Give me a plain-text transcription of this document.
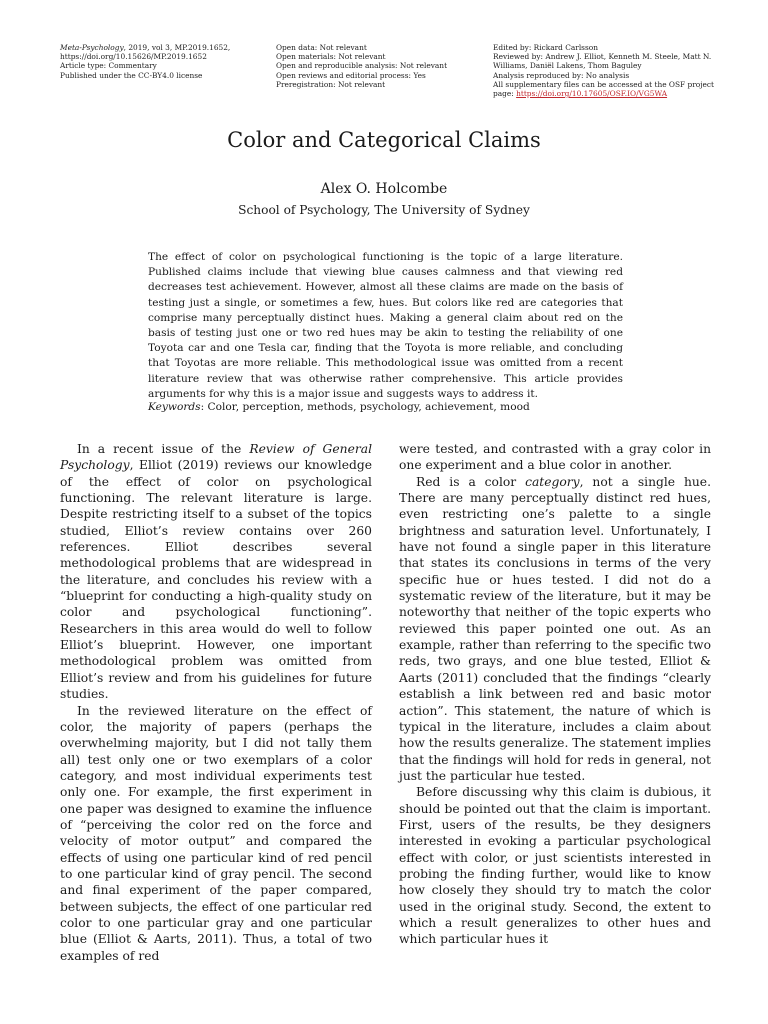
Meta-Psychology, 2019, vol 3, MP.2019.1652,
https://doi.org/10.15626/MP.2019.1652
Article type: Commentary
Published under the CC-BY4.0 license
Open data: Not relevant
Open materials: Not relevant
Open and reproducible analysis: Not relevant
Open reviews and editorial process: Yes
Preregistration: Not relevant
Edited by: Rickard Carlsson
Reviewed by: Andrew J. Elliot, Kenneth M. Steele, Matt N. Williams, Daniël Lakens, Thom Baguley
Analysis reproduced by: No analysis
All supplementary files can be accessed at the OSF project page: https://doi.org/10.17605/OSF.IO/VG5WA
Color and Categorical Claims
Alex O. Holcombe
School of Psychology, The University of Sydney
The effect of color on psychological functioning is the topic of a large literature. Published claims include that viewing blue causes calmness and that viewing red decreases test achievement. However, almost all these claims are made on the basis of testing just a single, or sometimes a few, hues. But colors like red are categories that comprise many perceptually distinct hues. Making a general claim about red on the basis of testing just one or two red hues may be akin to testing the reliability of one Toyota car and one Tesla car, finding that the Toyota is more reliable, and concluding that Toyotas are more reliable. This methodological issue was omitted from a recent literature review that was otherwise rather comprehensive. This article provides arguments for why this is a major issue and suggests ways to address it.
Keywords: Color, perception, methods, psychology, achievement, mood

In a recent issue of the Review of General Psychology, Elliot (2019) reviews our knowledge of the effect of color on psychological functioning. The relevant literature is large. Despite restricting itself to a subset of the topics studied, Elliot’s review contains over 260 references. Elliot describes several methodological problems that are widespread in the literature, and concludes his review with a “blueprint for conducting a high-quality study on color and psychological functioning”. Researchers in this area would do well to follow Elliot’s blueprint. However, one important methodological problem was omitted from Elliot’s review and from his guidelines for future studies.

In the reviewed literature on the effect of color, the majority of papers (perhaps the overwhelming majority, but I did not tally them all) test only one or two exemplars of a color category, and most individual experiments test only one. For example, the first experiment in one paper was designed to examine the influence of “perceiving the color red on the force and velocity of motor output” and compared the effects of using one particular kind of red pencil to one particular kind of gray pencil. The second and final experiment of the paper compared, between subjects, the effect of one particular red color to one particular gray and one particular blue (Elliot & Aarts, 2011). Thus, a total of two examples of red

were tested, and contrasted with a gray color in one experiment and a blue color in another.

Red is a color category, not a single hue. There are many perceptually distinct red hues, even restricting one’s palette to a single brightness and saturation level. Unfortunately, I have not found a single paper in this literature that states its conclusions in terms of the very specific hue or hues tested. I did not do a systematic review of the literature, but it may be noteworthy that neither of the topic experts who reviewed this paper pointed one out. As an example, rather than referring to the specific two reds, two grays, and one blue tested, Elliot & Aarts (2011) concluded that the findings “clearly establish a link between red and basic motor action”. This statement, the nature of which is typical in the literature, includes a claim about how the results generalize. The statement implies that the findings will hold for reds in general, not just the particular hue tested.

Before discussing why this claim is dubious, it should be pointed out that the claim is important. First, users of the results, be they designers interested in evoking a particular psychological effect with color, or just scientists interested in probing the finding further, would like to know how closely they should try to match the color used in the original study. Second, the extent to which a result generalizes to other hues and which particular hues it
